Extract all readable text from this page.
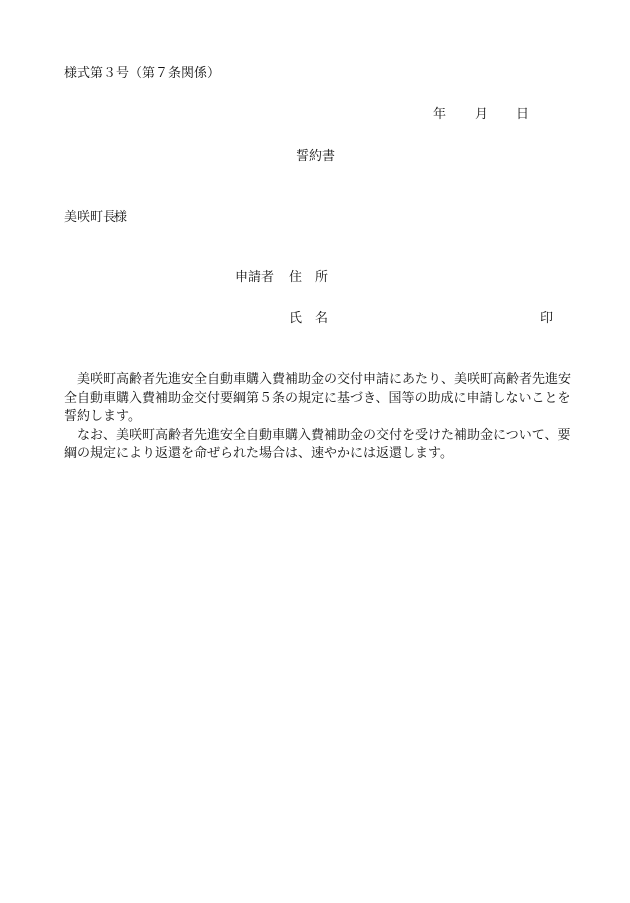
様式第３号（第７条関係）
年 月 日
誓約書
美咲町長
様
申請者 住　所
氏　名	印

美咲町高齢者先進安全自動車購入費補助金の交付申請にあたり、美咲町高齢者先進安全自動車購入費補助金交付要綱第５条の規定に基づき、国等の助成に申請しないことを誓約します。

なお、美咲町高齢者先進安全自動車購入費補助金の交付を受けた補助金について、要綱の規定により返還を命ぜられた場合は、速やかには返還します。
